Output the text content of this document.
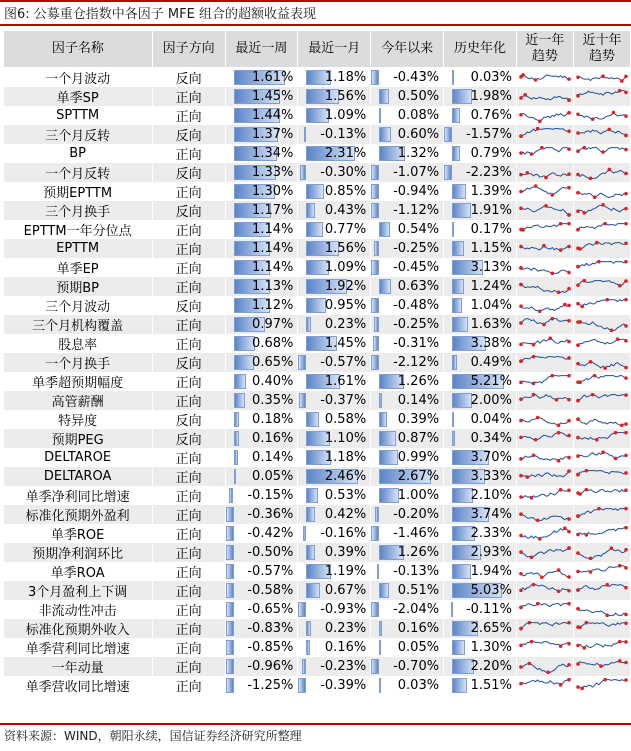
图6: 公募重仓指数中各因子 MFE 组合的超额收益表现
因子名称	因子方向	最近一周	最近一月	今年以来	历史年化	近一年趋势	近十年趋势
一个月波动	反向	1.61%	1.18%	-0.43%	0.03%	

单季SP	正向	1.45%	1.56%	0.50%	1.98%	

SPTTM	正向	1.44%	1.09%	0.08%	0.76%	

三个月反转	反向	1.37%	-0.13%	0.60%	-1.57%	

BP	正向	1.34%	2.31%	1.32%	0.79%	

一个月反转	反向	1.33%	-0.30%	-1.07%	-2.23%	

预期EPTTM	正向	1.30%	0.85%	-0.94%	1.39%	

三个月换手	反向	1.17%	0.43%	-1.12%	1.91%	

EPTTM一年分位点	正向	1.14%	0.77%	0.54%	0.17%	

EPTTM	正向	1.14%	1.56%	-0.25%	1.15%	

单季EP	正向	1.14%	1.09%	-0.45%	3.13%	

预期BP	正向	1.13%	1.92%	0.63%	1.24%	

三个月波动	反向	1.12%	0.95%	-0.48%	1.04%	

三个月机构覆盖	正向	0.97%	0.23%	-0.25%	1.63%	

股息率	正向	0.68%	1.45%	-0.31%	3.38%	

一个月换手	反向	0.65%	-0.57%	-2.12%	0.49%	

单季超预期幅度	正向	0.40%	1.61%	1.26%	5.21%	

高管薪酬	正向	0.35%	-0.37%	0.14%	2.00%	

特异度	反向	0.18%	0.58%	0.39%	0.04%	

预期PEG	反向	0.16%	1.10%	0.87%	0.34%	

DELTAROE	正向	0.14%	1.18%	0.99%	3.70%	

DELTAROA	正向	0.05%	2.46%	2.67%	3.33%	

单季净利同比增速	正向	-0.15%	0.53%	1.00%	2.10%	

标准化预期外盈利	正向	-0.36%	0.42%	-0.20%	3.74%	

单季ROE	正向	-0.42%	-0.16%	-1.46%	2.33%	

预期净利润环比	正向	-0.50%	0.39%	1.26%	2.93%	

单季ROA	正向	-0.57%	1.19%	-0.13%	1.94%	

3个月盈利上下调	正向	-0.58%	0.67%	0.51%	5.03%	

非流动性冲击	正向	-0.65%	-0.93%	-2.04%	-0.11%	

标准化预期外收入	正向	-0.83%	0.23%	0.16%	2.65%	

单季营利同比增速	正向	-0.85%	0.16%	0.05%	1.30%	

一年动量	正向	-0.96%	-0.23%	-0.70%	2.20%	

单季营收同比增速	正向	-1.25%	-0.39%	0.03%	1.51%	

资料来源：WIND，朝阳永续，国信证券经济研究所整理
